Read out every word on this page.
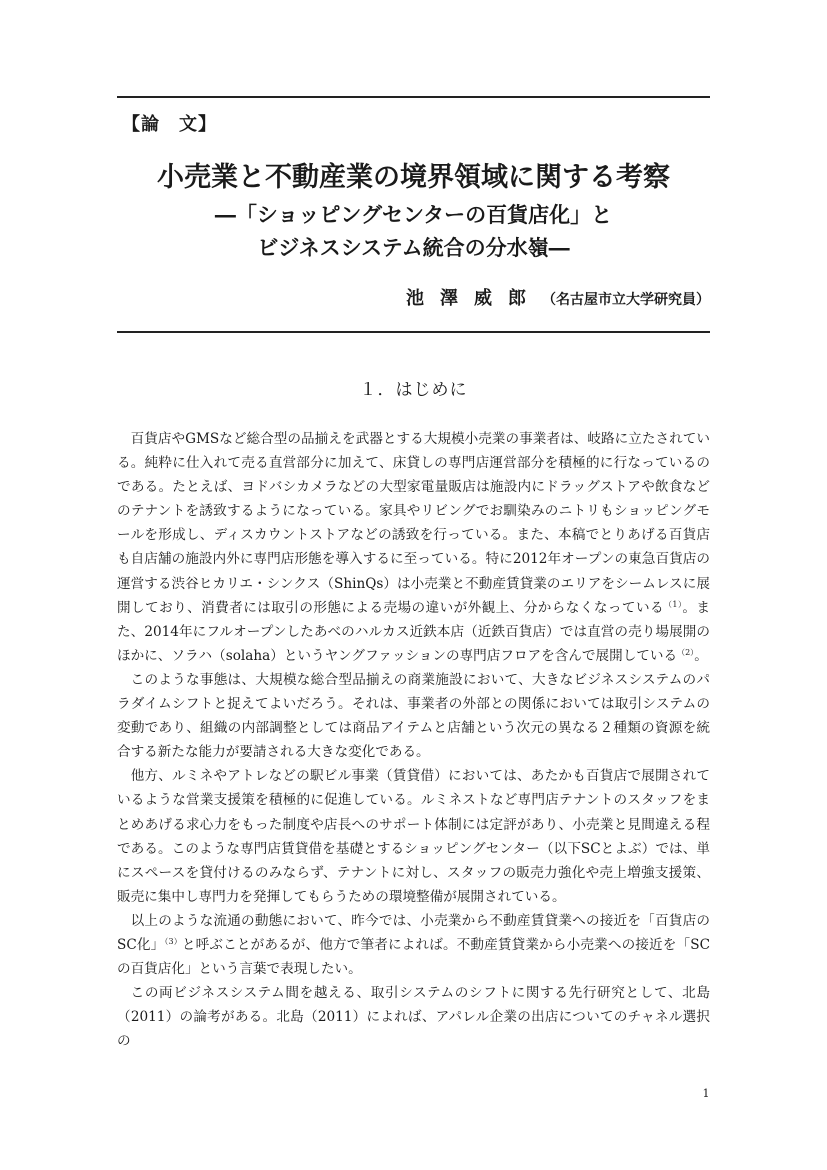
【論　文】
小売業と不動産業の境界領域に関する考察
―「ショッピングセンターの百貨店化」と
ビジネスシステム統合の分水嶺―
池澤威郎（名古屋市立大学研究員）
１．はじめに

百貨店やGMSなど総合型の品揃えを武器とする大規模小売業の事業者は、岐路に立たされている。純粋に仕入れて売る直営部分に加えて、床貸しの専門店運営部分を積極的に行なっているのである。たとえば、ヨドバシカメラなどの大型家電量販店は施設内にドラッグストアや飲食などのテナントを誘致するようになっている。家具やリビングでお馴染みのニトリもショッピングモールを形成し、ディスカウントストアなどの誘致を行っている。また、本稿でとりあげる百貨店も自店舗の施設内外に専門店形態を導入するに至っている。特に2012年オープンの東急百貨店の運営する渋谷ヒカリエ・シンクス（ShinQs）は小売業と不動産賃貸業のエリアをシームレスに展開しており、消費者には取引の形態による売場の違いが外観上、分からなくなっている$^{(1)}$。また、2014年にフルオープンしたあべのハルカス近鉄本店（近鉄百貨店）では直営の売り場展開のほかに、ソラハ（solaha）というヤングファッションの専門店フロアを含んで展開している$^{(2)}$。

このような事態は、大規模な総合型品揃えの商業施設において、大きなビジネスシステムのパラダイムシフトと捉えてよいだろう。それは、事業者の外部との関係においては取引システムの変動であり、組織の内部調整としては商品アイテムと店舗という次元の異なる２種類の資源を統合する新たな能力が要請される大きな変化である。

他方、ルミネやアトレなどの駅ビル事業（賃貸借）においては、あたかも百貨店で展開されているような営業支援策を積極的に促進している。ルミネストなど専門店テナントのスタッフをまとめあげる求心力をもった制度や店長へのサポート体制には定評があり、小売業と見間違える程である。このような専門店賃貸借を基礎とするショッピングセンター（以下SCとよぶ）では、単にスペースを貸付けるのみならず、テナントに対し、スタッフの販売力強化や売上増強支援策、販売に集中し専門力を発揮してもらうための環境整備が展開されている。

以上のような流通の動態において、昨今では、小売業から不動産賃貸業への接近を「百貨店のSC化」$^{(3)}$と呼ぶことがあるが、他方で筆者によれば。不動産賃貸業から小売業への接近を「SCの百貨店化」という言葉で表現したい。

この両ビジネスシステム間を越える、取引システムのシフトに関する先行研究として、北島（2011）の論考がある。北島（2011）によれば、アパレル企業の出店についてのチャネル選択の

1
